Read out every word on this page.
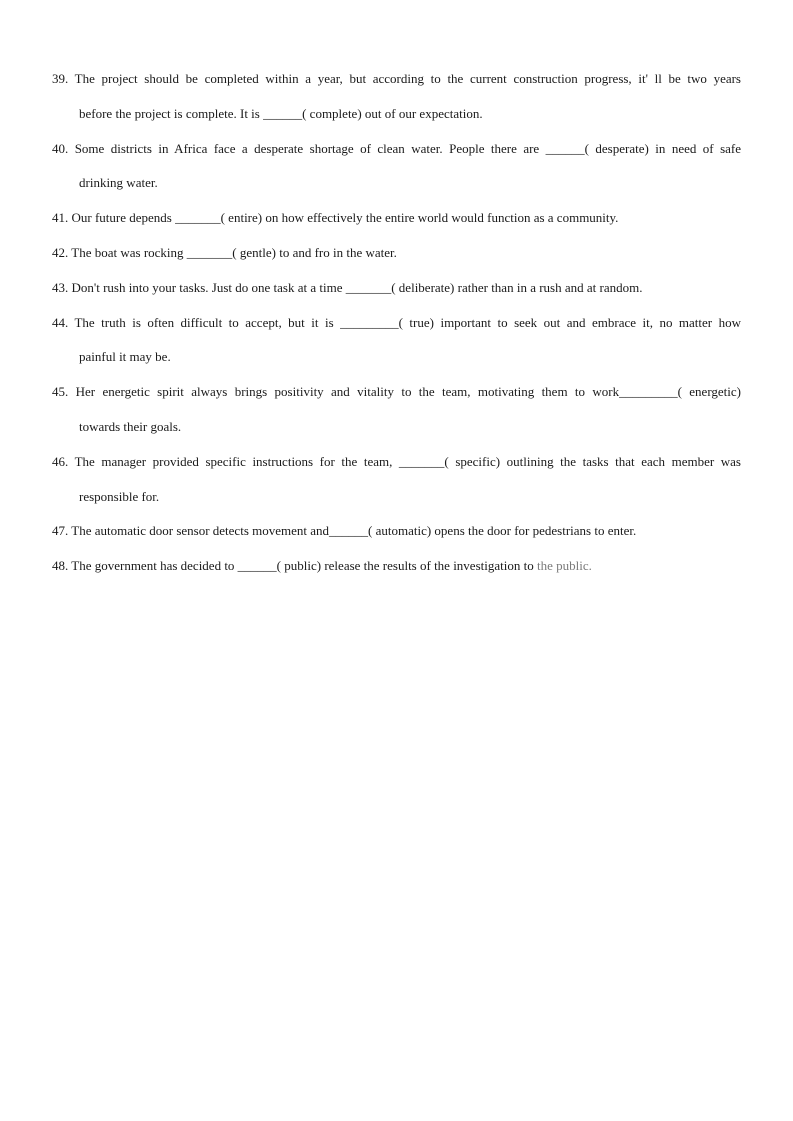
39. The project should be completed within a year, but according to the current construction progress, it' ll be two years
before the project is complete. It is ______( complete) out of our expectation.
40. Some districts in Africa face a desperate shortage of clean water. People there are ______( desperate) in need of safe
drinking water.
41. Our future depends _______( entire) on how effectively the entire world would function as a community.
42. The boat was rocking _______( gentle) to and fro in the water.
43. Don't rush into your tasks. Just do one task at a time _______( deliberate) rather than in a rush and at random.
44. The truth is often difficult to accept, but it is _________( true) important to seek out and embrace it, no matter how
painful it may be.
45. Her energetic spirit always brings positivity and vitality to the team, motivating them to work_________( energetic)
towards their goals.
46. The manager provided specific instructions for the team, _______( specific) outlining the tasks that each member was
responsible for.
47. The automatic door sensor detects movement and______( automatic) opens the door for pedestrians to enter.
48. The government has decided to ______( public) release the results of the investigation to the public.
